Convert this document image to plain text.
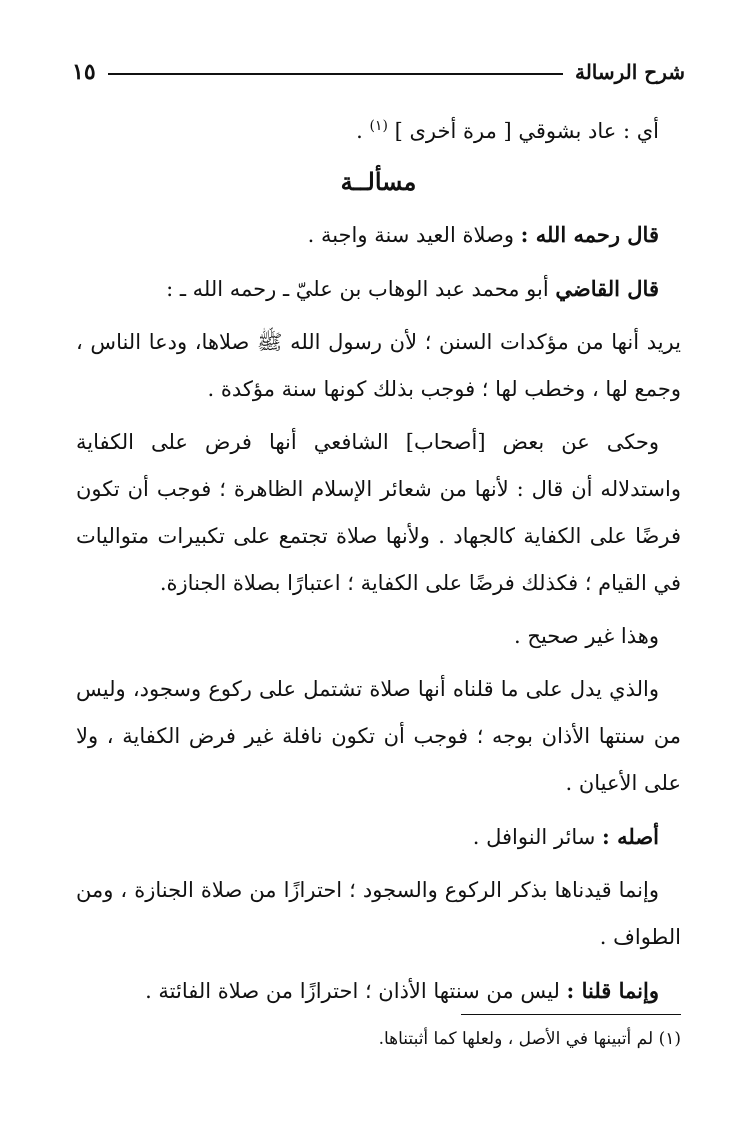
شرح الرسالة
١٥

أي : عاد بشوقي [ مرة أخرى ] $^{(١)}$ .

مسألــة

قال رحمه الله : وصلاة العيد سنة واجبة .

قال القاضي أبو محمد عبد الوهاب بن عليّ ـ رحمه الله ـ :

يريد أنها من مؤكدات السنن ؛ لأن رسول الله ﷺ صلاها، ودعا الناس ، وجمع لها ، وخطب لها ؛ فوجب بذلك كونها سنة مؤكدة .

وحكى عن بعض [أصحاب] الشافعي أنها فرض على الكفاية واستدلاله أن قال : لأنها من شعائر الإسلام الظاهرة ؛ فوجب أن تكون فرضًا على الكفاية كالجهاد . ولأنها صلاة تجتمع على تكبيرات متواليات في القيام ؛ فكذلك فرضًا على الكفاية ؛ اعتبارًا بصلاة الجنازة.

وهذا غير صحيح .

والذي يدل على ما قلناه أنها صلاة تشتمل على ركوع وسجود، وليس من سنتها الأذان بوجه ؛ فوجب أن تكون نافلة غير فرض الكفاية ، ولا على الأعيان .

أصله : سائر النوافل .

وإنما قيدناها بذكر الركوع والسجود ؛ احترازًا من صلاة الجنازة ، ومن الطواف .

وإنما قلنا : ليس من سنتها الأذان ؛ احترازًا من صلاة الفائتة .

(١) لم أتبينها في الأصل ، ولعلها كما أثبتناها.
